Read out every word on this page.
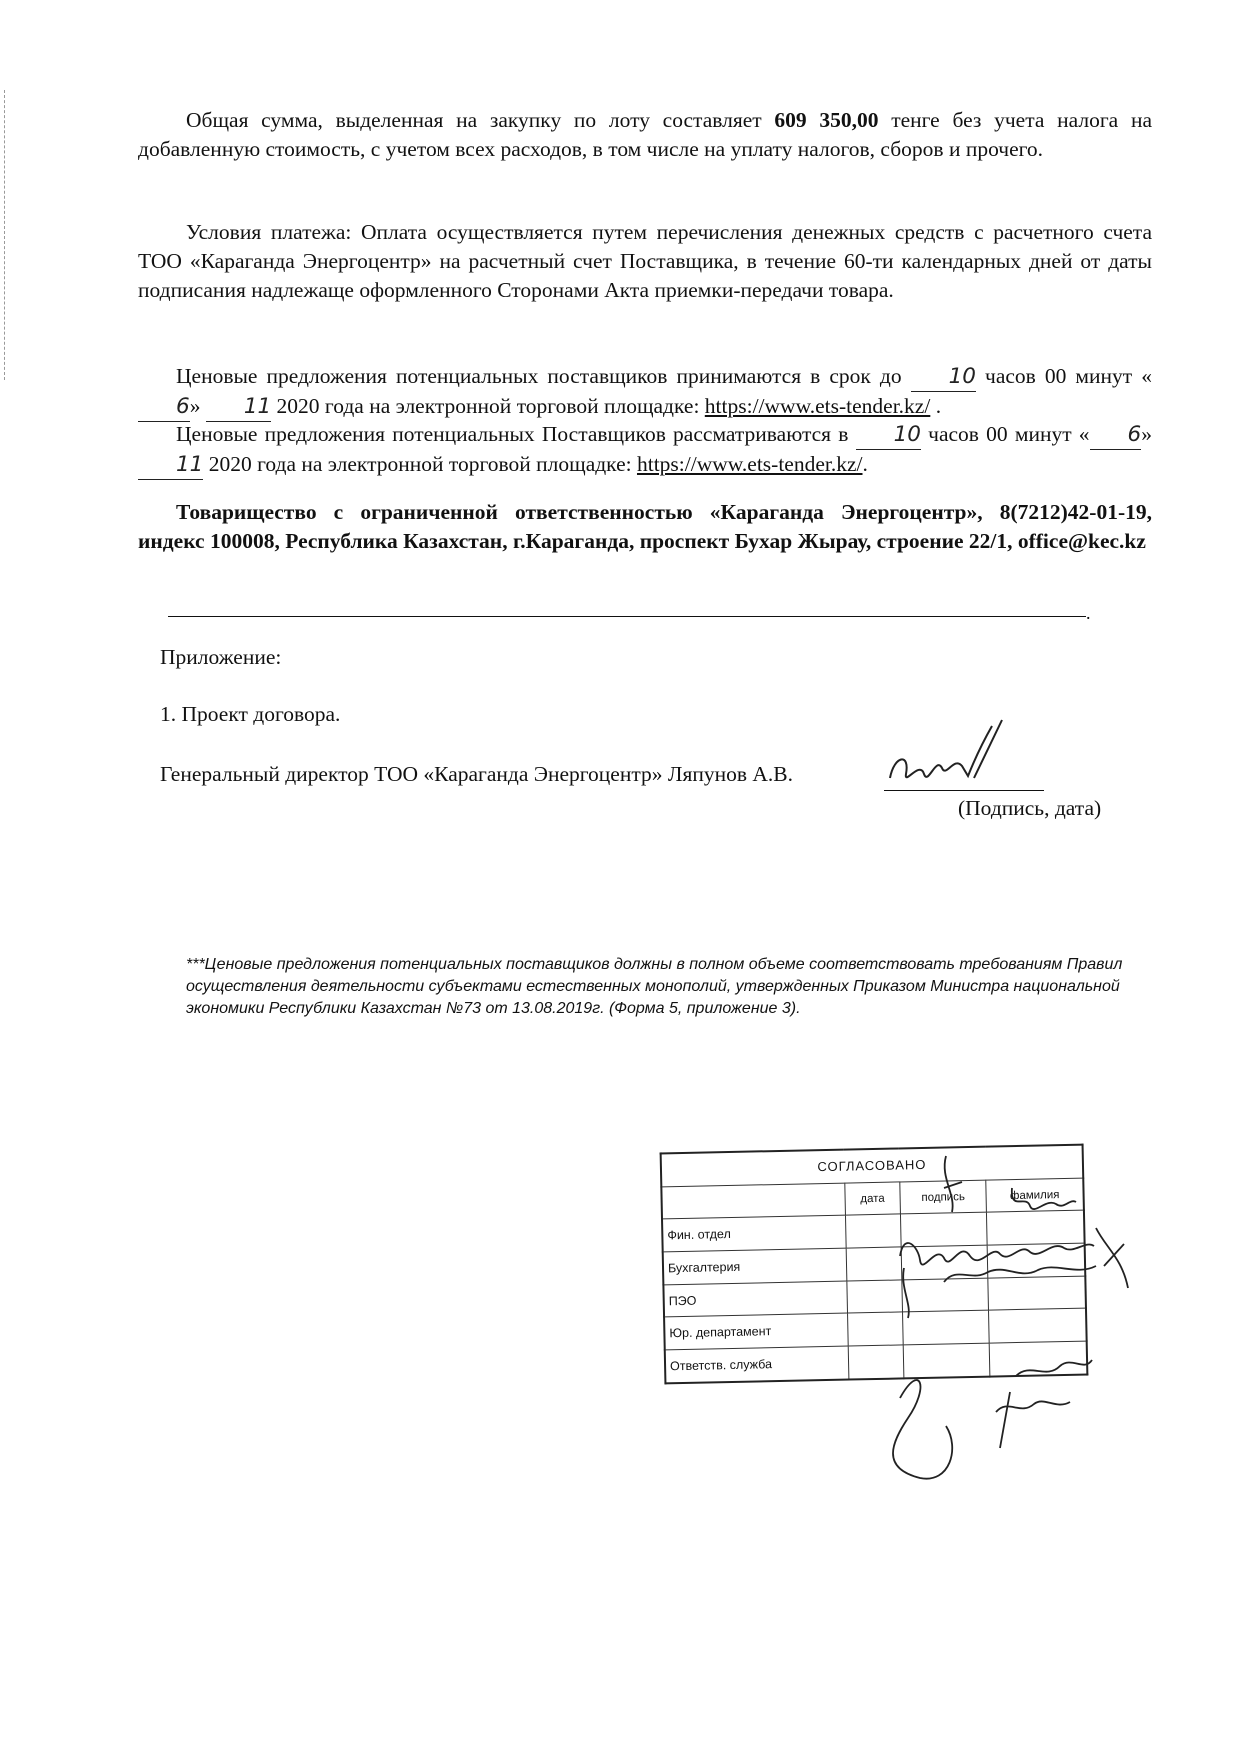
Общая сумма, выделенная на закупку по лоту составляет 609 350,00 тенге без учета налога на добавленную стоимость, с учетом всех расходов, в том числе на уплату налогов, сборов и прочего.

Условия платежа: Оплата осуществляется путем перечисления денежных средств с расчетного счета ТОО «Караганда Энергоцентр» на расчетный счет Поставщика, в течение 60-ти календарных дней от даты подписания надлежаще оформленного Сторонами Акта приемки-передачи товара.

Ценовые предложения потенциальных поставщиков принимаются в срок до 10 часов 00 минут «6» 11 2020 года на электронной торговой площадке: https://www.ets-tender.kz/ .

Ценовые предложения потенциальных Поставщиков рассматриваются в 10 часов 00 минут « 6» 11 2020 года на электронной торговой площадке: https://www.ets-tender.kz/.

Товарищество с ограниченной ответственностью «Караганда Энергоцентр», 8(7212)42-01-19, индекс 100008, Республика Казахстан, г.Караганда, проспект Бухар Жырау, строение 22/1, office@kec.kz

.
Приложение:
1. Проект договора.
Генеральный директор ТОО «Караганда Энергоцентр» Ляпунов А.В.
(Подпись, дата)
***Ценовые предложения потенциальных поставщиков должны в полном объеме соответствовать требованиям Правил осуществления деятельности субъектами естественных монополий, утвержденных Приказом Министра национальной экономики Республики Казахстан №73 от 13.08.2019г. (Форма 5, приложение 3).
СОГЛАСОВАНО			
	дата	подпись	фамилия
Фин. отдел			
Бухгалтерия			
ПЭО			
Юр. департамент			
Ответств. служба			
